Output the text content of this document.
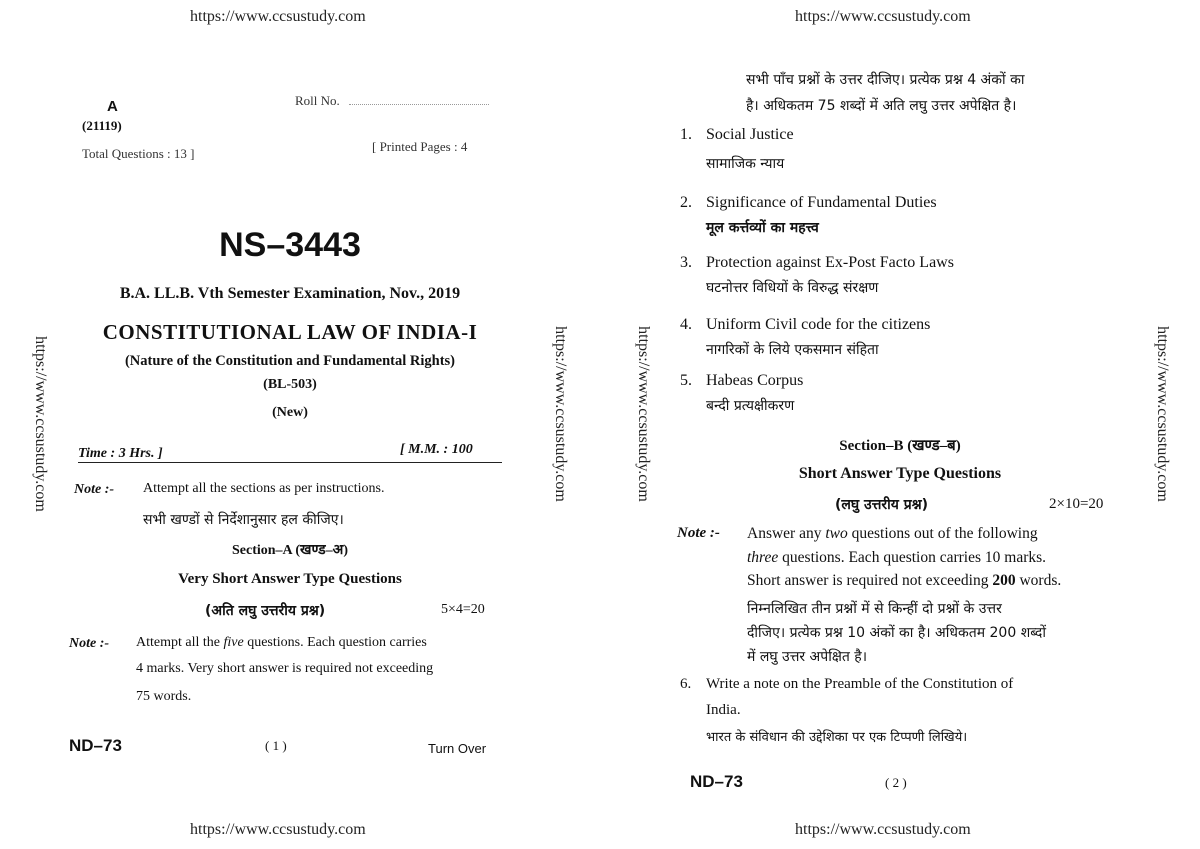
https://www.ccsustudy.com	https://www.ccsustudy.com
https://www.ccsustudy.com	https://www.ccsustudy.com
https://www.ccsustudy.com	https://www.ccsustudy.com	https://www.ccsustudy.com	https://www.ccsustudy.com
A
(21119)
Roll No.
Total Questions : 13 ]	[ Printed Pages : 4
NS–3443
B.A. LL.B. Vth Semester Examination, Nov., 2019
CONSTITUTIONAL LAW OF INDIA-I
(Nature of the Constitution and Fundamental Rights)
(BL-503)
(New)
Time : 3 Hrs. ]	[ M.M. : 100
Note :- Attempt all the sections as per instructions.
सभी खण्डों से निर्देशानुसार हल कीजिए।
Section–A (खण्ड–अ)
Very Short Answer Type Questions
(अति लघु उत्तरीय प्रश्न)	5×4=20
Note :- Attempt all the five questions. Each question carries
4 marks. Very short answer is required not exceeding
75 words.
ND–73	( 1 )	Turn Over
सभी पाँच प्रश्नों के उत्तर दीजिए। प्रत्येक प्रश्न 4 अंकों का
है। अधिकतम 75 शब्दों में अति लघु उत्तर अपेक्षित है।
1. Social Justice
सामाजिक न्याय
2. Significance of Fundamental Duties
मूल कर्त्तव्यों का महत्त्व
3. Protection against Ex-Post Facto Laws
घटनोत्तर विधियों के विरुद्ध संरक्षण
4. Uniform Civil code for the citizens
नागरिकों के लिये एकसमान संहिता
5. Habeas Corpus
बन्दी प्रत्यक्षीकरण
Section–B (खण्ड–ब)
Short Answer Type Questions
(लघु उत्तरीय प्रश्न)	2×10=20
Note :- Answer any two questions out of the following
three questions. Each question carries 10 marks.
Short answer is required not exceeding 200 words.
निम्नलिखित तीन प्रश्नों में से किन्हीं दो प्रश्नों के उत्तर
दीजिए। प्रत्येक प्रश्न 10 अंकों का है। अधिकतम 200 शब्दों
में लघु उत्तर अपेक्षित है।
6. Write a note on the Preamble of the Constitution of
India.
भारत के संविधान की उद्देशिका पर एक टिप्पणी लिखिये।
ND–73	( 2 )
